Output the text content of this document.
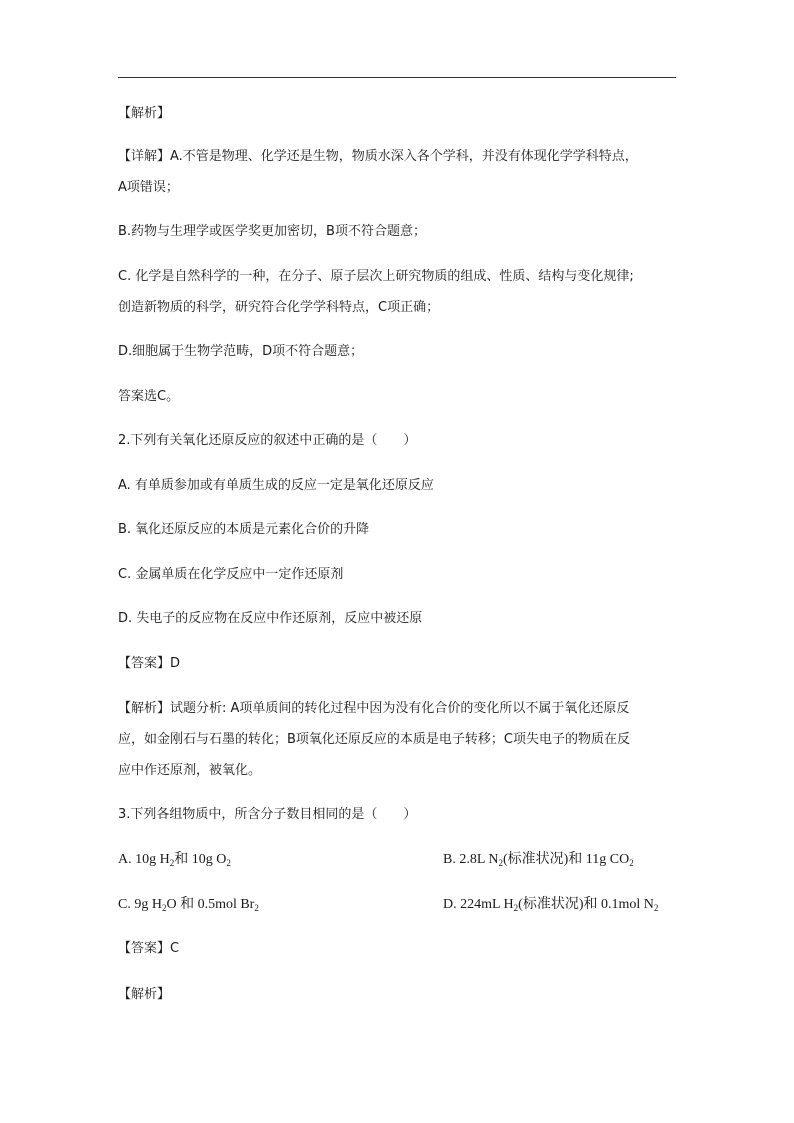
【解析】
【详解】A.不管是物理、化学还是生物，物质水深入各个学科，并没有体现化学学科特点，
A项错误；
B.药物与生理学或医学奖更加密切，B项不符合题意；
C. 化学是自然科学的一种，在分子、原子层次上研究物质的组成、性质、结构与变化规律;
创造新物质的科学，研究符合化学学科特点，C项正确；
D.细胞属于生物学范畴，D项不符合题意；
答案选C。
2.下列有关氧化还原反应的叙述中正确的是（　　）
A. 有单质参加或有单质生成的反应一定是氧化还原反应
B. 氧化还原反应的本质是元素化合价的升降
C. 金属单质在化学反应中一定作还原剂
D. 失电子的反应物在反应中作还原剂，反应中被还原
【答案】D
【解析】试题分析: A项单质间的转化过程中因为没有化合价的变化所以不属于氧化还原反
应，如金刚石与石墨的转化；B项氧化还原反应的本质是电子转移；C项失电子的物质在反
应中作还原剂，被氧化。
3.下列各组物质中，所含分子数目相同的是（　　）
A. 10g $H_2$和 10g $O_2$	B. 2.8L $N_2$(标准状况)和 11g $CO_2$
C. 9g $H_2O$ 和 0.5mol $Br_2$	D. 224mL $H_2$(标准状况)和 0.1mol $N_2$
【答案】C
【解析】
